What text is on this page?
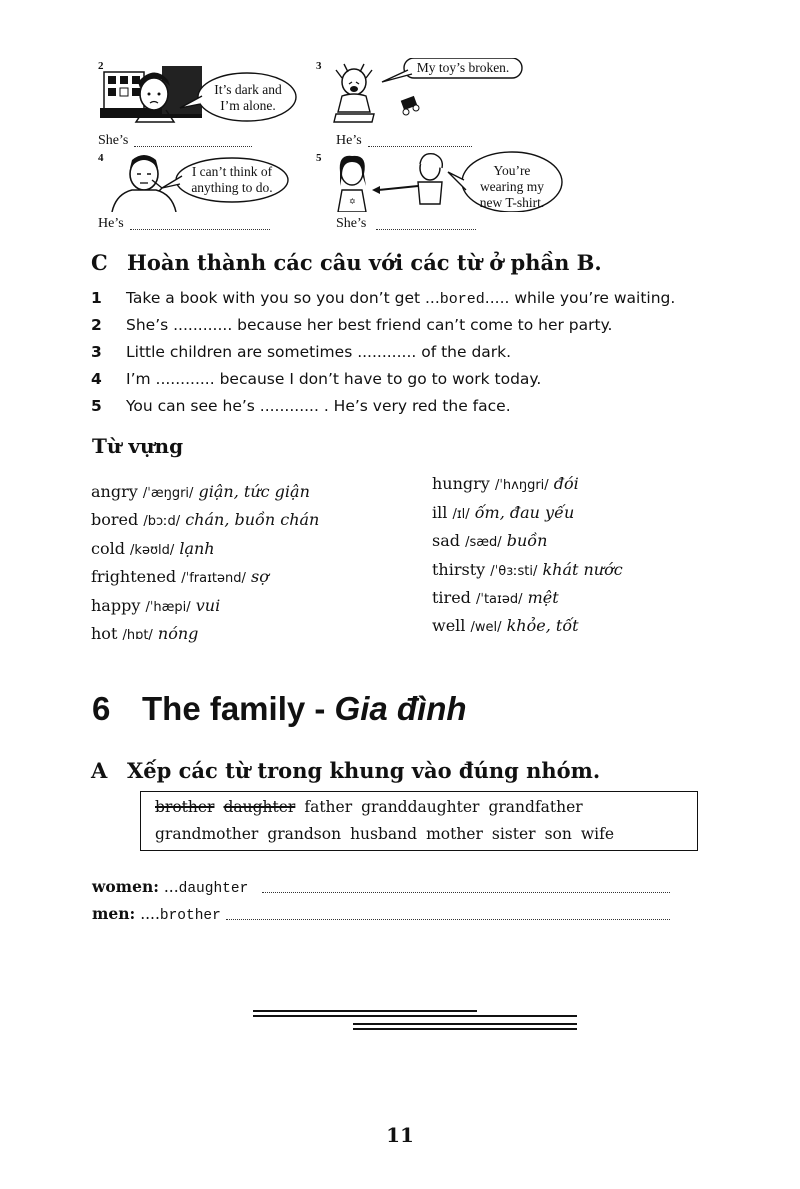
2
It’s dark and
I’m alone.
She’s
3	My toy’s broken.
He’s
4
I can’t think of
anything to do.
He’s
5
✡
You’re
wearing my
new T-shirt.
She’s
C Hoàn thành các câu với các từ ở phần B.
1 Take a book with you so you don’t get ...bored..... while you’re waiting.
2 She’s ............ because her best friend can’t come to her party.
3 Little children are sometimes ............ of the dark.
4 I’m ............ because I don’t have to go to work today.
5 You can see he’s ............ . He’s very red the face.
Từ vựng
angry /ˈæŋgri/ giận, tức giận
bored /bɔːd/ chán, buồn chán
cold /kəʊld/ lạnh
frightened /ˈfraɪtənd/ sợ
happy /ˈhæpi/ vui
hot /hɒt/ nóng
hungry /ˈhʌŋgri/ đói
ill /ɪl/ ốm, đau yếu
sad /sæd/ buồn
thirsty /ˈθɜːsti/ khát nước
tired /ˈtaɪəd/ mệt
well /wel/ khỏe, tốt
6 The family - Gia đình
A Xếp các từ trong khung vào đúng nhóm.
brother daughter father granddaughter grandfather
grandmother grandson husband mother sister son wife
women: ...daughter
men: ....brother
11
